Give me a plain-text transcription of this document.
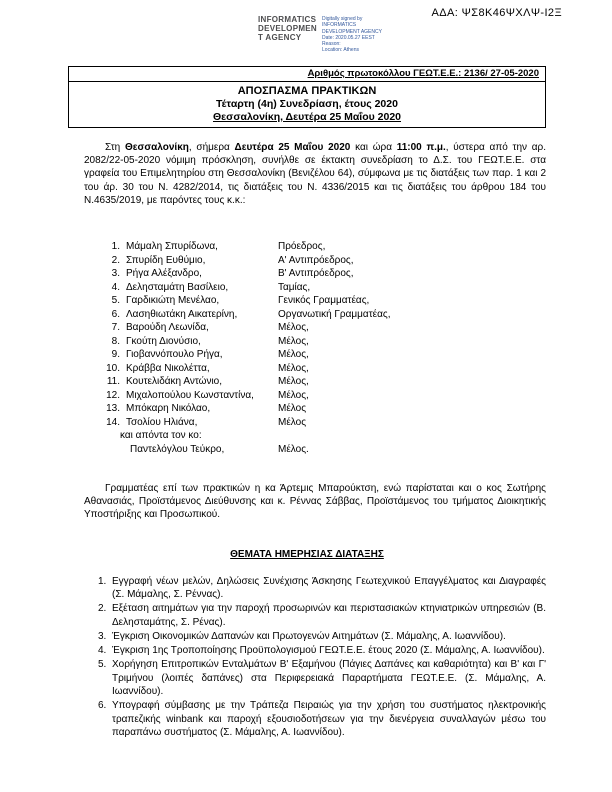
ΑΔΑ: ΨΣ8Κ46ΨΧΛΨ-Ι2Ξ
INFORMATICS
DEVELOPMEN
T AGENCY
Digitally signed by
INFORMATICS
DEVELOPMENT AGENCY
Date: 2020.05.27 EEST
Reason:
Location: Athens
Αριθμός πρωτοκόλλου ΓΕΩΤ.Ε.Ε.: 2136/ 27-05-2020

ΑΠΟΣΠΑΣΜΑ ΠΡΑΚΤΙΚΩΝ
Τέταρτη (4η) Συνεδρίαση, έτους 2020
Θεσσαλονίκη, Δευτέρα 25 Μαΐου 2020

Στη Θεσσαλονίκη, σήμερα Δευτέρα 25 Μαΐου 2020 και ώρα 11:00 π.μ., ύστερα από την αρ. 2082/22-05-2020 νόμιμη πρόσκληση, συνήλθε σε έκτακτη συνεδρίαση το Δ.Σ. του ΓΕΩΤ.Ε.Ε. στα γραφεία του Επιμελητηρίου στη Θεσσαλονίκη (Βενιζέλου 64), σύμφωνα με τις διατάξεις των παρ. 1 και 2 του άρ. 30 του Ν. 4282/2014, τις διατάξεις του Ν. 4336/2015 και τις διατάξεις του άρθρου 184 του Ν.4635/2019, με παρόντες τους κ.κ.:

1. Μάμαλη Σπυρίδωνα,	Πρόεδρος,
2. Σπυρίδη Ευθύμιο,	Α' Αντιπρόεδρος,
3. Ρήγα Αλέξανδρο,	Β' Αντιπρόεδρος,
4. Δελησταμάτη Βασίλειο,	Ταμίας,
5. Γαρδικιώτη Μενέλαο,	Γενικός Γραμματέας,
6. Λασηθιωτάκη Αικατερίνη,	Οργανωτική Γραμματέας,
7. Βαρούδη Λεωνίδα,	Μέλος,
8. Γκούτη Διονύσιο,	Μέλος,
9. Γιοβαννόπουλο Ρήγα,	Μέλος,
10. Κράββα Νικολέττα,	Μέλος,
11. Κουτελιδάκη Αντώνιο,	Μέλος,
12. Μιχαλοπούλου Κωνσταντίνα,	Μέλος,
13. Μπόκαρη Νικόλαο,	Μέλος
14. Τσολίου Ηλιάνα,	Μέλος
και απόντα τον κο:
Παντελόγλου Τεύκρο,	Μέλος.

Γραμματέας επί των πρακτικών η κα Άρτεμις Μπαρούκτση, ενώ παρίσταται και ο κος Σωτήρης Αθανασιάς, Προϊστάμενος Διεύθυνσης και κ. Ρέννας Σάββας, Προϊστάμενος του τμήματος Διοικητικής Υποστήριξης και Προσωπικού.

ΘΕΜΑΤΑ ΗΜΕΡΗΣΙΑΣ ΔΙΑΤΑΞΗΣ
1. Εγγραφή νέων μελών, Δηλώσεις Συνέχισης Άσκησης Γεωτεχνικού Επαγγέλματος και Διαγραφές (Σ. Μάμαλης, Σ. Ρέννας).
2. Εξέταση αιτημάτων για την παροχή προσωρινών και περιστασιακών κτηνιατρικών υπηρεσιών (Β. Δελησταμάτης, Σ. Ρένας).
3. Έγκριση Οικονομικών Δαπανών και Πρωτογενών Αιτημάτων (Σ. Μάμαλης, Α. Ιωαννίδου).
4. Έγκριση 1ης Τροποποίησης Προϋπολογισμού ΓΕΩΤ.Ε.Ε. έτους 2020 (Σ. Μάμαλης, Α. Ιωαννίδου).
5. Χορήγηση Επιτροπικών Ενταλμάτων Β' Εξαμήνου (Πάγιες Δαπάνες και καθαριότητα) και Β' και Γ' Τριμήνου (λοιπές δαπάνες) στα Περιφερειακά Παραρτήματα ΓΕΩΤ.Ε.Ε. (Σ. Μάμαλης, Α. Ιωαννίδου).
6. Υπογραφή σύμβασης με την Τράπεζα Πειραιώς για την χρήση του συστήματος ηλεκτρονικής τραπεζικής winbank και παροχή εξουσιοδοτήσεων για την διενέργεια συναλλαγών μέσω του παραπάνω συστήματος (Σ. Μάμαλης, Α. Ιωαννίδου).
